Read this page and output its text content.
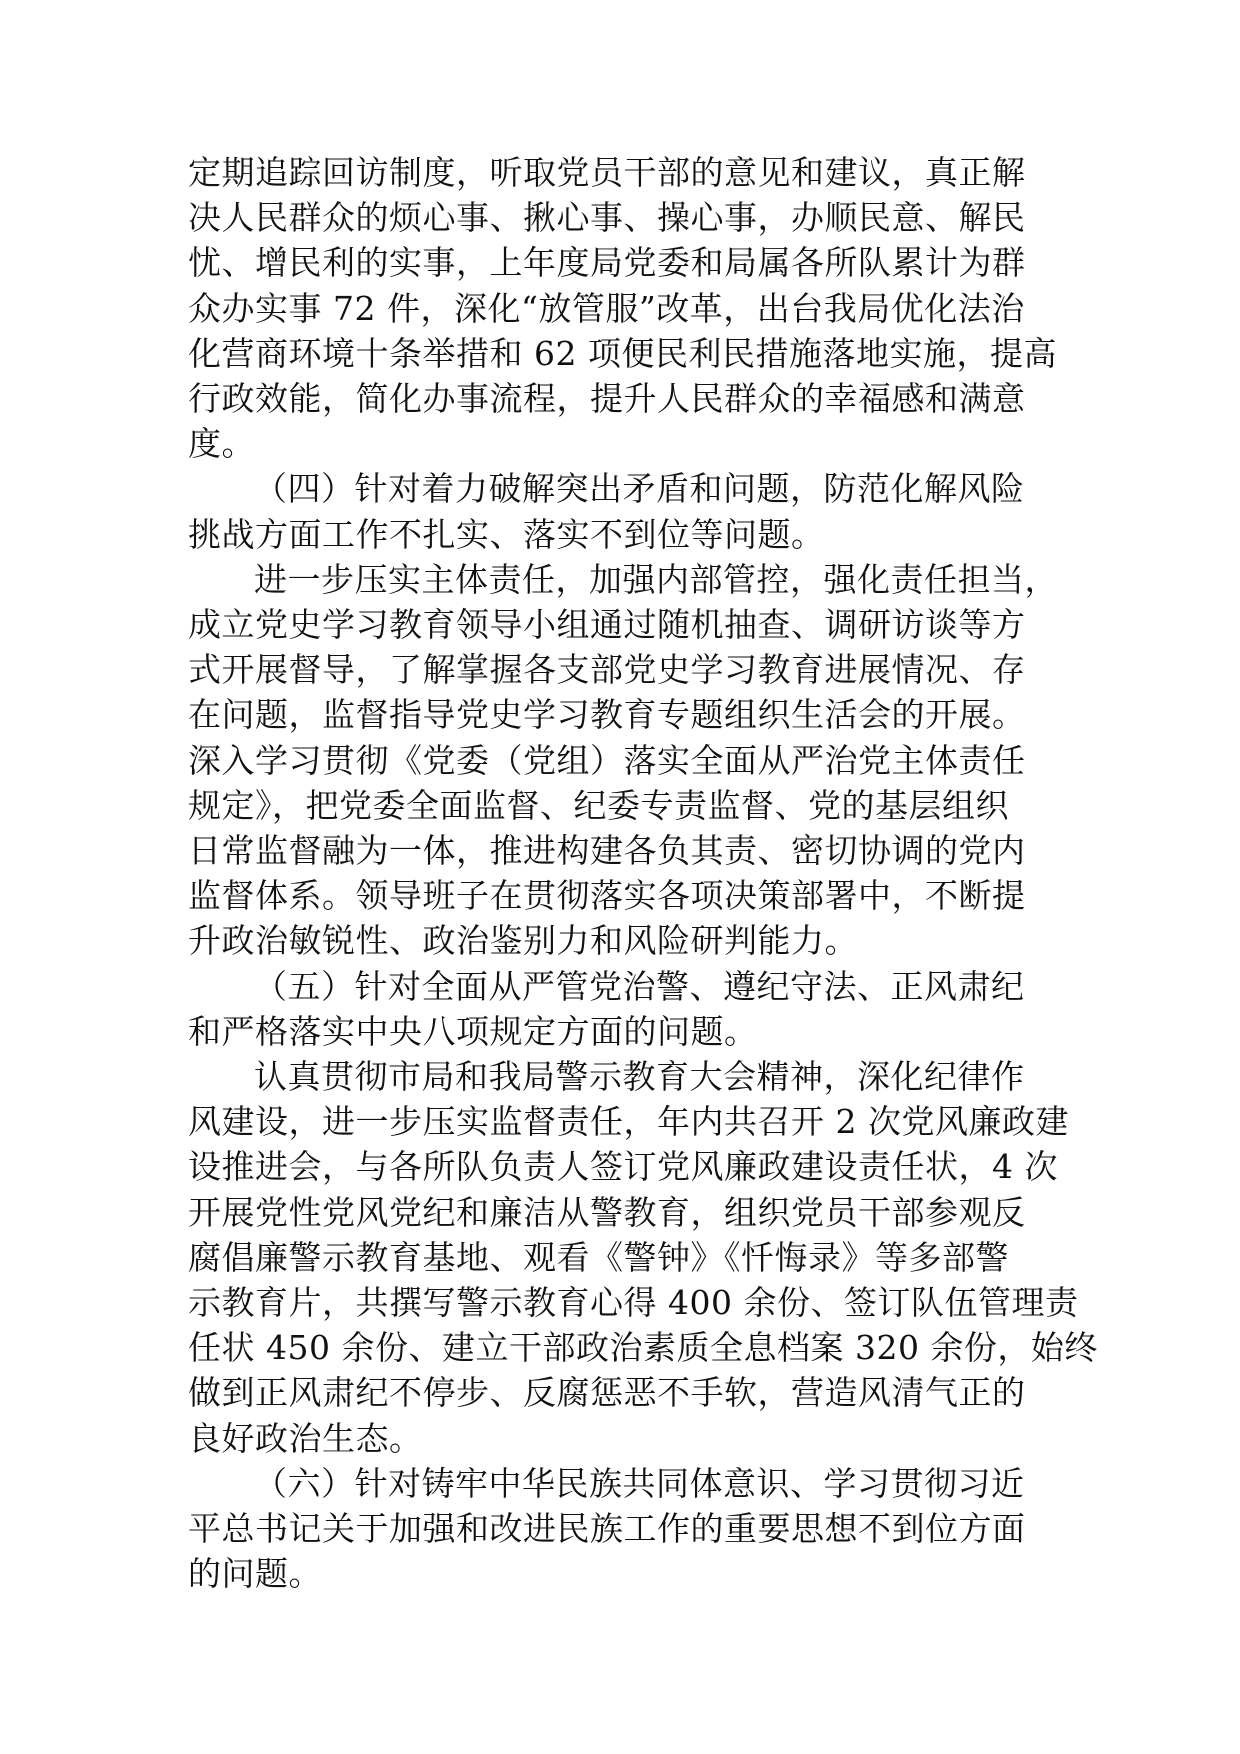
定期追踪回访制度，听取党员干部的意见和建议，真正解
决人民群众的烦心事、揪心事、操心事，办顺民意、解民
忧、增民利的实事，上年度局党委和局属各所队累计为群
众办实事 72 件，深化“放管服”改革，出台我局优化法治
化营商环境十条举措和 62 项便民利民措施落地实施，提高
行政效能，简化办事流程，提升人民群众的幸福感和满意
度。

（四）针对着力破解突出矛盾和问题，防范化解风险
挑战方面工作不扎实、落实不到位等问题。

进一步压实主体责任，加强内部管控，强化责任担当，
成立党史学习教育领导小组通过随机抽查、调研访谈等方
式开展督导，了解掌握各支部党史学习教育进展情况、存
在问题，监督指导党史学习教育专题组织生活会的开展。
深入学习贯彻《党委（党组）落实全面从严治党主体责任
规定》，把党委全面监督、纪委专责监督、党的基层组织
日常监督融为一体，推进构建各负其责、密切协调的党内
监督体系。领导班子在贯彻落实各项决策部署中，不断提
升政治敏锐性、政治鉴别力和风险研判能力。

（五）针对全面从严管党治警、遵纪守法、正风肃纪
和严格落实中央八项规定方面的问题。

认真贯彻市局和我局警示教育大会精神，深化纪律作
风建设，进一步压实监督责任，年内共召开 2 次党风廉政建
设推进会，与各所队负责人签订党风廉政建设责任状，4 次
开展党性党风党纪和廉洁从警教育，组织党员干部参观反
腐倡廉警示教育基地、观看《警钟》《忏悔录》等多部警
示教育片，共撰写警示教育心得 400 余份、签订队伍管理责
任状 450 余份、建立干部政治素质全息档案 320 余份，始终
做到正风肃纪不停步、反腐惩恶不手软，营造风清气正的
良好政治生态。

（六）针对铸牢中华民族共同体意识、学习贯彻习近
平总书记关于加强和改进民族工作的重要思想不到位方面
的问题。
